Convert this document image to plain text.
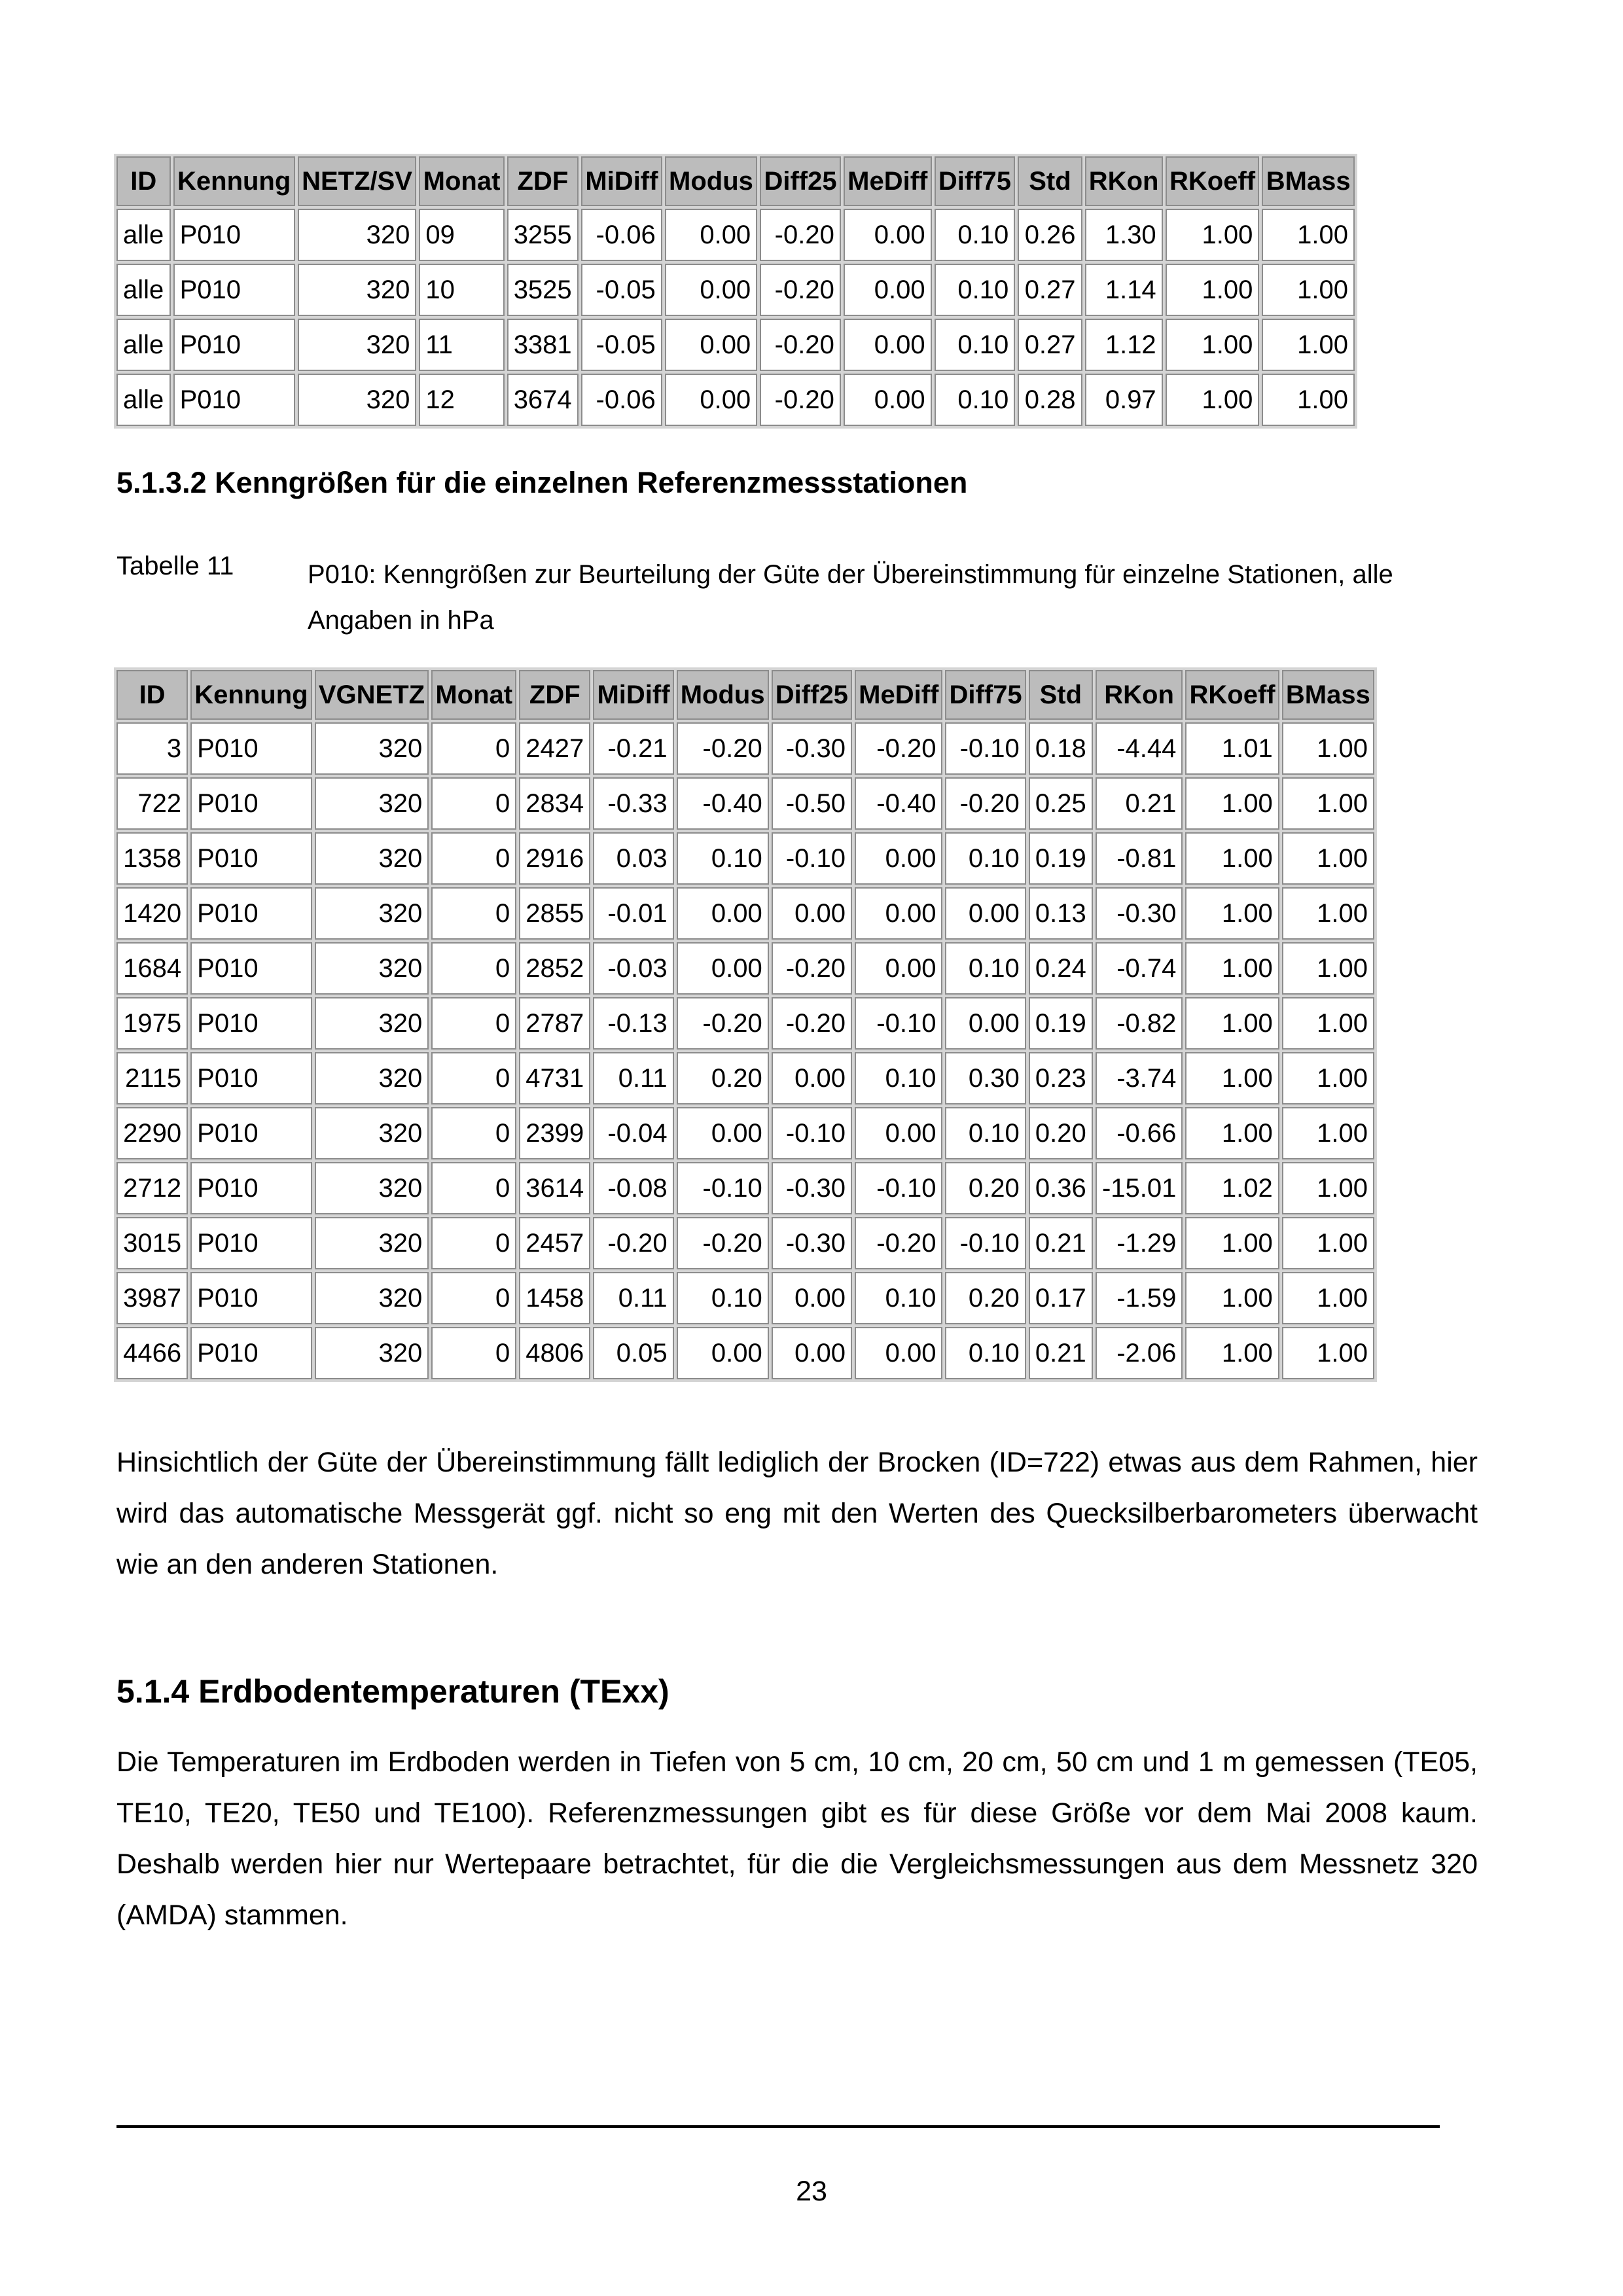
ID	Kennung	NETZ/SV	Monat	ZDF	MiDiff	Modus	Diff25	MeDiff	Diff75	Std	RKon	RKoeff	BMass
alle	P010	320	09	3255	-0.06	0.00	-0.20	0.00	0.10	0.26	1.30	1.00	1.00
alle	P010	320	10	3525	-0.05	0.00	-0.20	0.00	0.10	0.27	1.14	1.00	1.00
alle	P010	320	11	3381	-0.05	0.00	-0.20	0.00	0.10	0.27	1.12	1.00	1.00
alle	P010	320	12	3674	-0.06	0.00	-0.20	0.00	0.10	0.28	0.97	1.00	1.00
5.1.3.2 Kenngrößen für die einzelnen Referenzmessstationen
Tabelle 11	P010: Kenngrößen zur Beurteilung der Güte der Übereinstimmung für einzelne Stationen, alle Angaben in hPa
ID	Kennung	VGNETZ	Monat	ZDF	MiDiff	Modus	Diff25	MeDiff	Diff75	Std	RKon	RKoeff	BMass
3	P010	320	0	2427	-0.21	-0.20	-0.30	-0.20	-0.10	0.18	-4.44	1.01	1.00
722	P010	320	0	2834	-0.33	-0.40	-0.50	-0.40	-0.20	0.25	0.21	1.00	1.00
1358	P010	320	0	2916	0.03	0.10	-0.10	0.00	0.10	0.19	-0.81	1.00	1.00
1420	P010	320	0	2855	-0.01	0.00	0.00	0.00	0.00	0.13	-0.30	1.00	1.00
1684	P010	320	0	2852	-0.03	0.00	-0.20	0.00	0.10	0.24	-0.74	1.00	1.00
1975	P010	320	0	2787	-0.13	-0.20	-0.20	-0.10	0.00	0.19	-0.82	1.00	1.00
2115	P010	320	0	4731	0.11	0.20	0.00	0.10	0.30	0.23	-3.74	1.00	1.00
2290	P010	320	0	2399	-0.04	0.00	-0.10	0.00	0.10	0.20	-0.66	1.00	1.00
2712	P010	320	0	3614	-0.08	-0.10	-0.30	-0.10	0.20	0.36	-15.01	1.02	1.00
3015	P010	320	0	2457	-0.20	-0.20	-0.30	-0.20	-0.10	0.21	-1.29	1.00	1.00
3987	P010	320	0	1458	0.11	0.10	0.00	0.10	0.20	0.17	-1.59	1.00	1.00
4466	P010	320	0	4806	0.05	0.00	0.00	0.00	0.10	0.21	-2.06	1.00	1.00
Hinsichtlich der Güte der Übereinstimmung fällt lediglich der Brocken (ID=722) etwas aus dem Rahmen, hier wird das automatische Messgerät ggf. nicht so eng mit den Werten des Quecksilberbarometers überwacht wie an den anderen Stationen.
5.1.4 Erdbodentemperaturen (TExx)
Die Temperaturen im Erdboden werden in Tiefen von 5 cm, 10 cm, 20 cm, 50 cm und 1 m gemessen (TE05, TE10, TE20, TE50 und TE100). Referenzmessungen gibt es für diese Größe vor dem Mai 2008 kaum. Deshalb werden hier nur Wertepaare betrachtet, für die die Vergleichsmessungen aus dem Messnetz 320 (AMDA) stammen.
23
